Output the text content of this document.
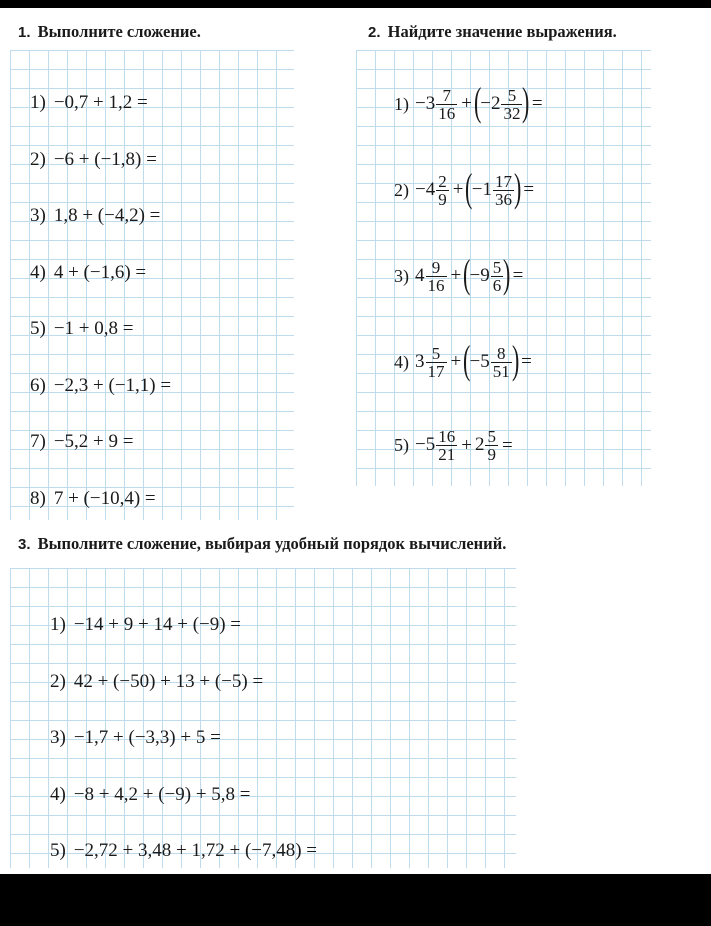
1. Выполните сложение.	2. Найдите значение выражения.
3. Выполните сложение, выбирая удобный порядок вычислений.
1) −0,7 + 1,2 =
2) −6 + (−1,8) =
3) 1,8 + (−4,2) =
4) 4 + (−1,6) =
5) −1 + 0,8 =
6) −2,3 + (−1,1) =
7) −5,2 + 9 =
8) 7 + (−10,4) =
$1) -3 \frac{7}{16}$ + (
$-2 \frac{5}{32}$ ) =
$2) -4 \frac{2}{9}$ + (
$-1 \frac{17}{36}$ ) =
3) $4 \frac{9}{16}$ + (
$-9 \frac{5}{6}$ ) =
4) $3 \frac{5}{17}$ + (
$-5 \frac{8}{51}$ ) =
$5) -5 \frac{16}{21} + 2 \frac{5}{9}$ =
1) −14 + 9 + 14 + (−9) =
2) 42 + (−50) + 13 + (−5) =
3) −1,7 + (−3,3) + 5 =
4) −8 + 4,2 + (−9) + 5,8 =
5) −2,72 + 3,48 + 1,72 + (−7,48) =
